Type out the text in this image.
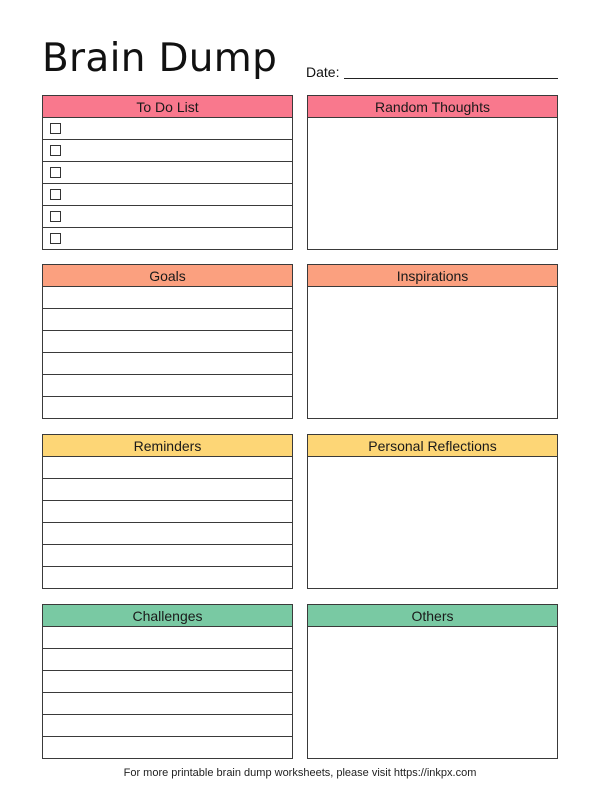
Brain Dump Date:
To Do List	Random Thoughts
Goals	Inspirations
Reminders	Personal Reflections
Challenges	Others
For more printable brain dump worksheets, please visit https://inkpx.com
